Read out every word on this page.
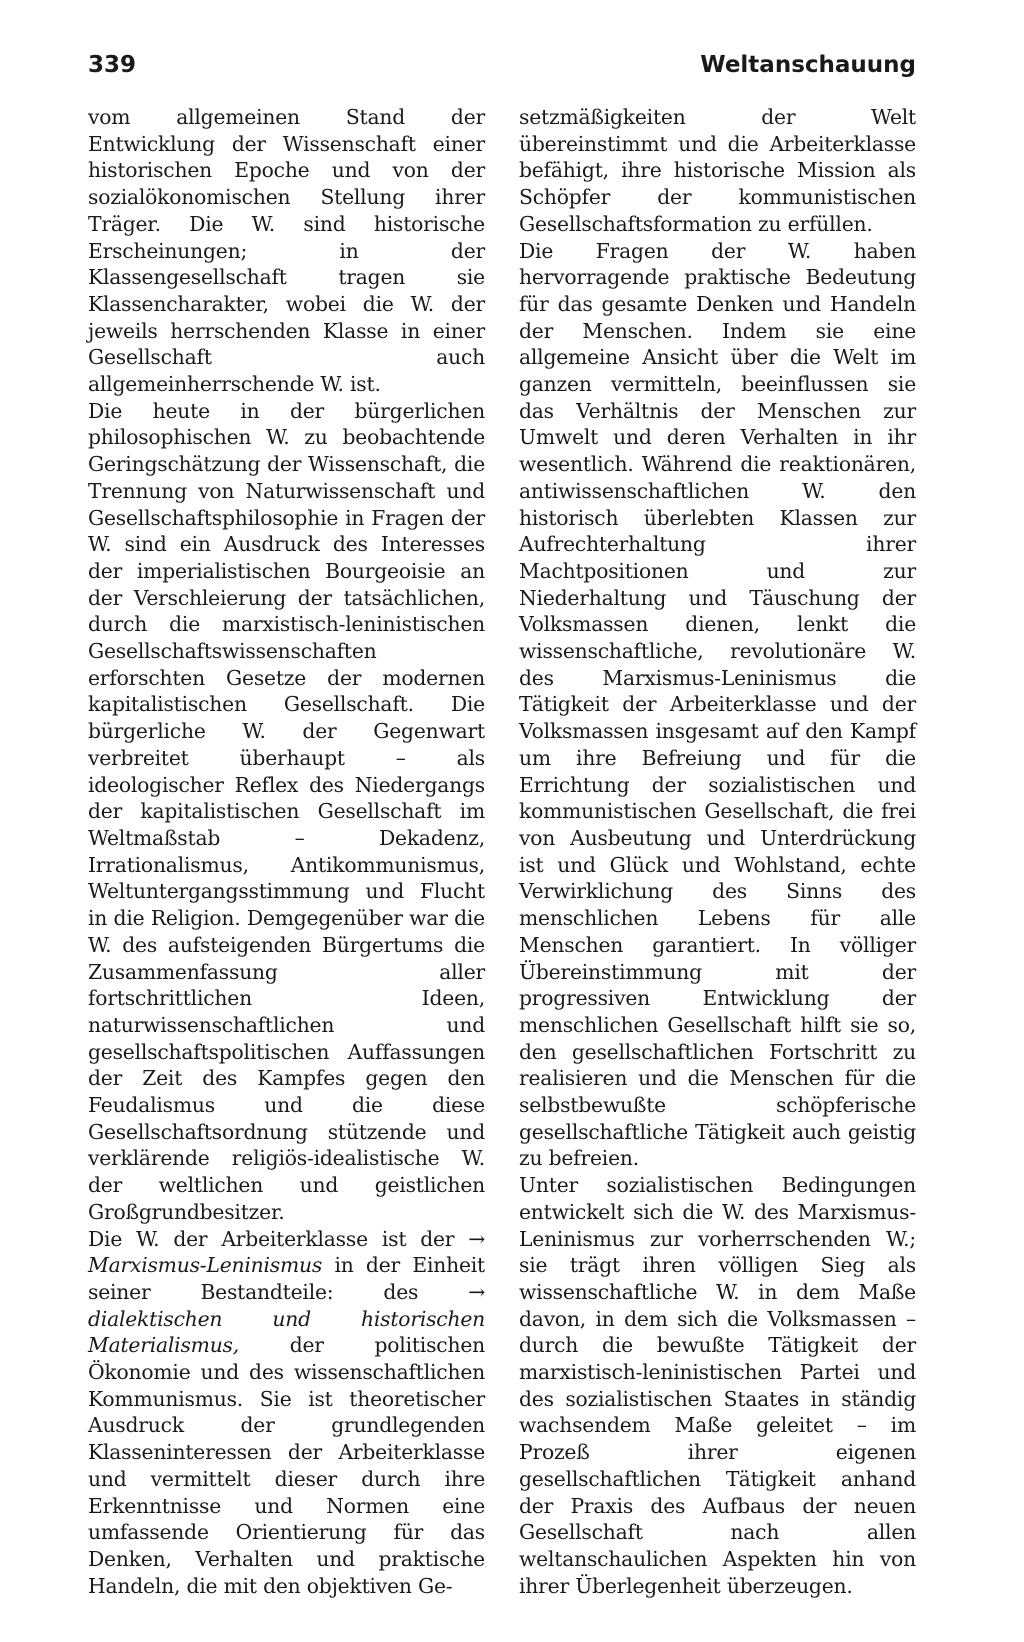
339	Weltanschauung

vom allgemeinen Stand der Entwicklung der Wissenschaft einer historischen Epoche und von der sozialökonomischen Stellung ihrer Träger. Die W. sind historische Erscheinungen; in der Klassengesellschaft tragen sie Klassencharakter, wobei die W. der jeweils herrschenden Klasse in einer Gesellschaft auch allgemeinherrschende W. ist.

Die heute in der bürgerlichen philosophischen W. zu beobachtende Geringschätzung der Wissenschaft, die Trennung von Naturwissenschaft und Gesellschaftsphilosophie in Fragen der W. sind ein Ausdruck des Interesses der imperialistischen Bourgeoisie an der Verschleierung der tatsächlichen, durch die marxistisch-leninistischen Gesellschaftswissenschaften erforschten Gesetze der modernen kapitalistischen Gesellschaft. Die bürgerliche W. der Gegenwart verbreitet überhaupt – als ideologischer Reflex des Niedergangs der kapitalistischen Gesellschaft im Weltmaßstab – Dekadenz, Irrationalismus, Antikommunismus, Weltuntergangsstimmung und Flucht in die Religion. Demgegenüber war die W. des aufsteigenden Bürgertums die Zusammenfassung aller fortschrittlichen Ideen, naturwissenschaftlichen und gesellschaftspolitischen Auffassungen der Zeit des Kampfes gegen den Feudalismus und die diese Gesellschaftsordnung stützende und verklärende religiös-idealistische W. der weltlichen und geistlichen Großgrundbesitzer.

Die W. der Arbeiterklasse ist der → Marxismus-Leninismus in der Einheit seiner Bestandteile: des → dialektischen und historischen Materialismus, der politischen Ökonomie und des wissenschaftlichen Kommunismus. Sie ist theoretischer Ausdruck der grundlegenden Klasseninteressen der Arbeiterklasse und vermittelt dieser durch ihre Erkenntnisse und Normen eine umfassende Orientierung für das Denken, Verhalten und praktische Handeln, die mit den objektiven Ge-

setzmäßigkeiten der Welt übereinstimmt und die Arbeiterklasse befähigt, ihre historische Mission als Schöpfer der kommunistischen Gesellschaftsformation zu erfüllen.

Die Fragen der W. haben hervorragende praktische Bedeutung für das gesamte Denken und Handeln der Menschen. Indem sie eine allgemeine Ansicht über die Welt im ganzen vermitteln, beeinflussen sie das Verhältnis der Menschen zur Umwelt und deren Verhalten in ihr wesentlich. Während die reaktionären, antiwissenschaftlichen W. den historisch überlebten Klassen zur Aufrechterhaltung ihrer Machtpositionen und zur Niederhaltung und Täuschung der Volksmassen dienen, lenkt die wissenschaftliche, revolutionäre W. des Marxismus-Leninismus die Tätigkeit der Arbeiterklasse und der Volksmassen insgesamt auf den Kampf um ihre Befreiung und für die Errichtung der sozialistischen und kommunistischen Gesellschaft, die frei von Ausbeutung und Unterdrückung ist und Glück und Wohlstand, echte Verwirklichung des Sinns des menschlichen Lebens für alle Menschen garantiert. In völliger Übereinstimmung mit der progressiven Entwicklung der menschlichen Gesellschaft hilft sie so, den gesellschaftlichen Fortschritt zu realisieren und die Menschen für die selbstbewußte schöpferische gesellschaftliche Tätigkeit auch geistig zu befreien.

Unter sozialistischen Bedingungen entwickelt sich die W. des Marxismus-Leninismus zur vorherrschenden W.; sie trägt ihren völligen Sieg als wissenschaftliche W. in dem Maße davon, in dem sich die Volksmassen – durch die bewußte Tätigkeit der marxistisch-leninistischen Partei und des sozialistischen Staates in ständig wachsendem Maße geleitet – im Prozeß ihrer eigenen gesellschaftlichen Tätigkeit anhand der Praxis des Aufbaus der neuen Gesellschaft nach allen weltanschaulichen Aspekten hin von ihrer Überlegenheit überzeugen.
